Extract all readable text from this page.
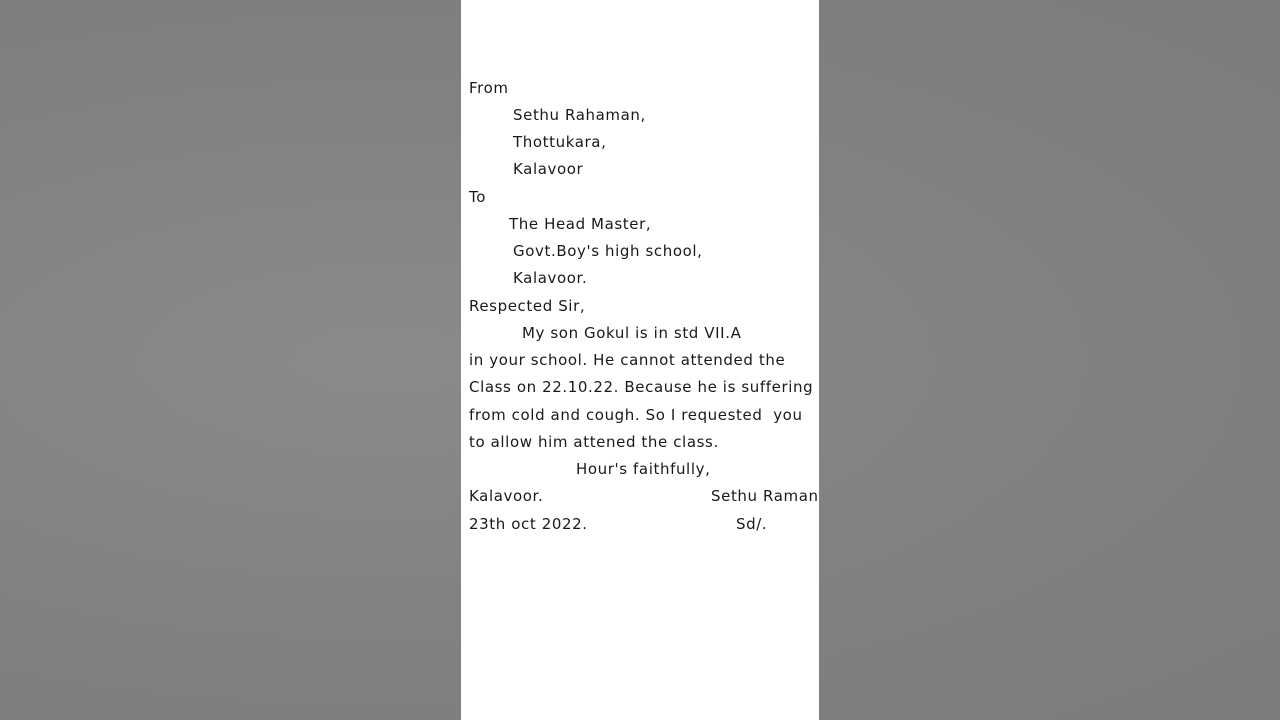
From
Sethu Rahaman,
Thottukara,
Kalavoor
To
The Head Master,
Govt.Boy's high school,
Kalavoor.
Respected Sir,
My son Gokul is in std VII.A
in your school. He cannot attended the
Class on 22.10.22. Because he is suffering
from cold and cough. So I requested  you
to allow him attened the class.
Hour's faithfully,
Kalavoor.	Sethu Raman
23th oct 2022.	Sd/.
